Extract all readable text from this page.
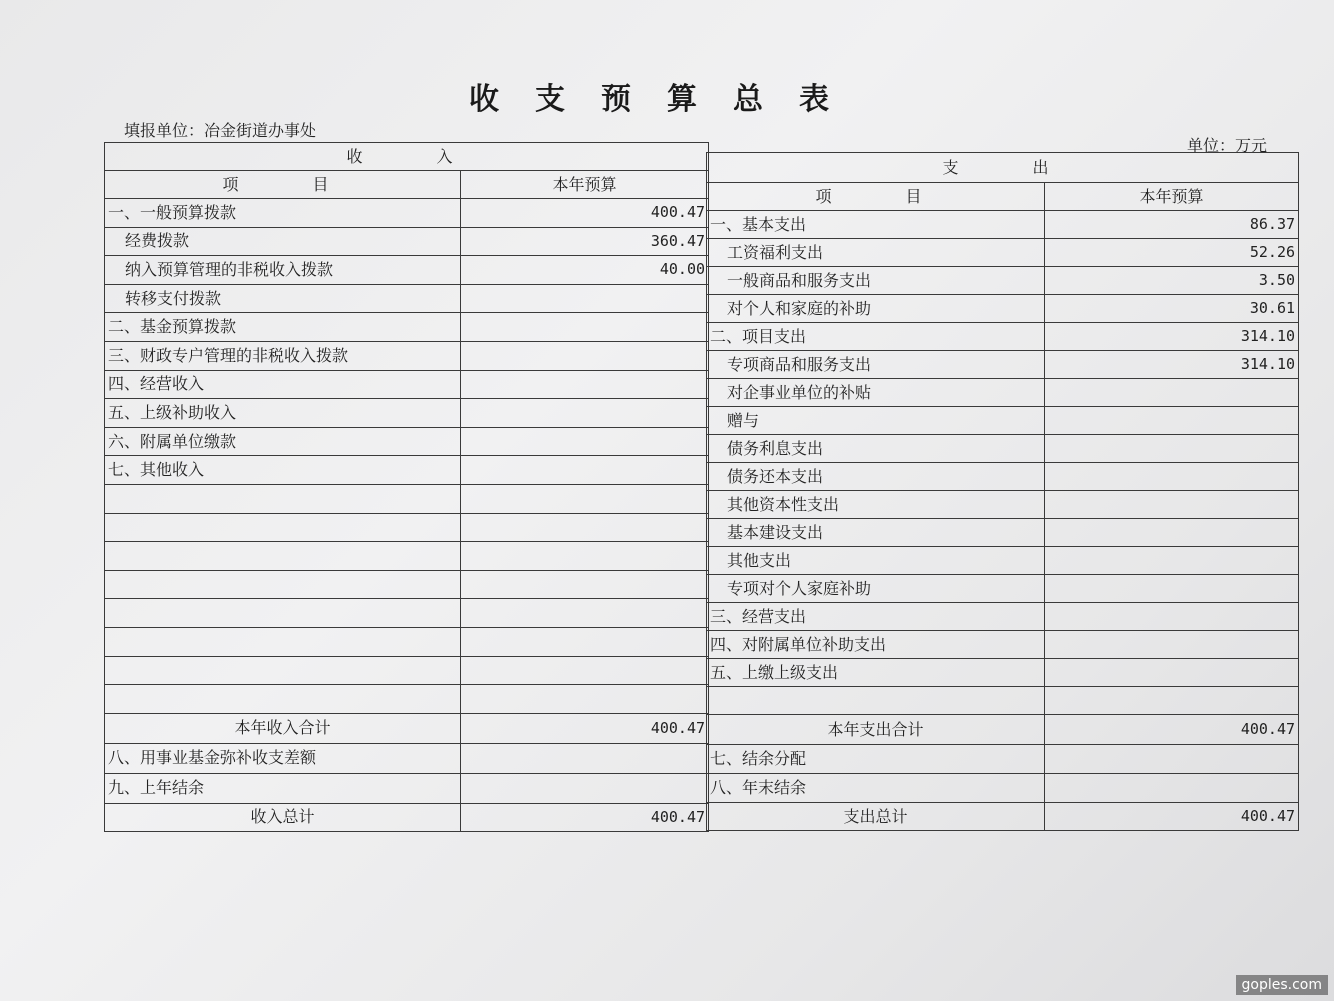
收支预算总表
填报单位：冶金街道办事处
单位：万元
收　　入	
项　　目	本年预算
一、一般预算拨款	400.47
经费拨款	360.47
纳入预算管理的非税收入拨款	40.00
转移支付拨款	
二、基金预算拨款	
三、财政专户管理的非税收入拨款	
四、经营收入	
五、上级补助收入	
六、附属单位缴款	
七、其他收入	

本年收入合计	400.47
八、用事业基金弥补收支差额	
九、上年结余	
收入总计	400.47
支　　出	
项　　目	本年预算
一、基本支出	86.37
工资福利支出	52.26
一般商品和服务支出	3.50
对个人和家庭的补助	30.61
二、项目支出	314.10
专项商品和服务支出	314.10
对企事业单位的补贴	
赠与	
债务利息支出	
债务还本支出	
其他资本性支出	
基本建设支出	
其他支出	
专项对个人家庭补助	
三、经营支出	
四、对附属单位补助支出	
五、上缴上级支出	

本年支出合计	400.47
七、结余分配	
八、年末结余	
支出总计	400.47
goples.com
